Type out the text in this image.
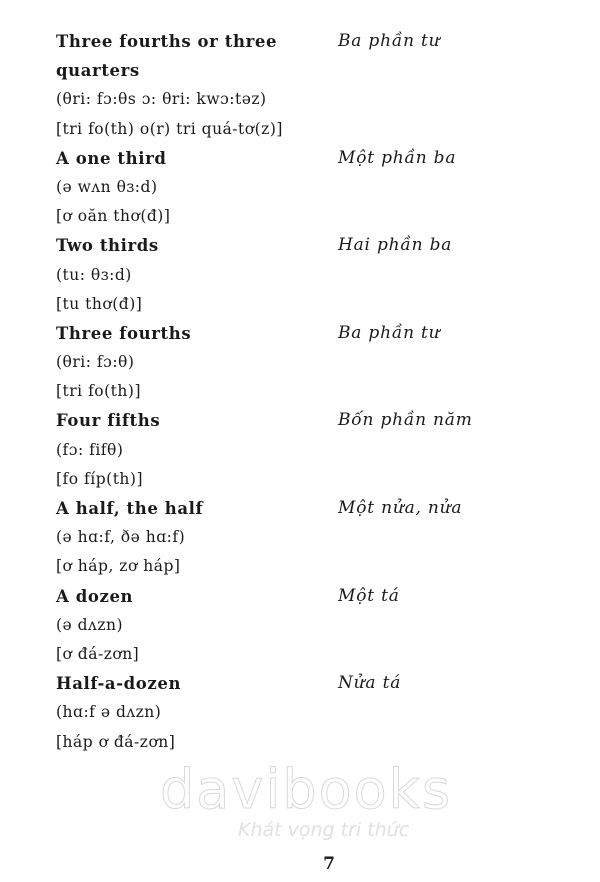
Three fourths or three
quarters
(θri: fɔ:θs ɔ: θri: kwɔ:təz)
[tri fo(th) o(r) tri quá-tơ(z)]
Ba phần tư
A one third
(ə wʌn θɜ:d)
[ơ oăn thơ(đ)]
Một phần ba
Two thirds
(tu: θɜ:d)
[tu thơ(đ)]
Hai phần ba
Three fourths
(θri: fɔ:θ)
[tri fo(th)]
Ba phần tư
Four fifths
(fɔ: fifθ)
[fo fíp(th)]
Bốn phần năm
A half, the half
(ə hɑ:f, ðə hɑ:f)
[ơ háp, zơ háp]
Một nửa, nửa
A dozen
(ə dʌzn)
[ơ đá-zơn]
Một tá
Half-a-dozen
(hɑ:f ə dʌzn)
[háp ơ đá-zơn]
Nửa tá
davibooks
Khát vọng tri thức
7
